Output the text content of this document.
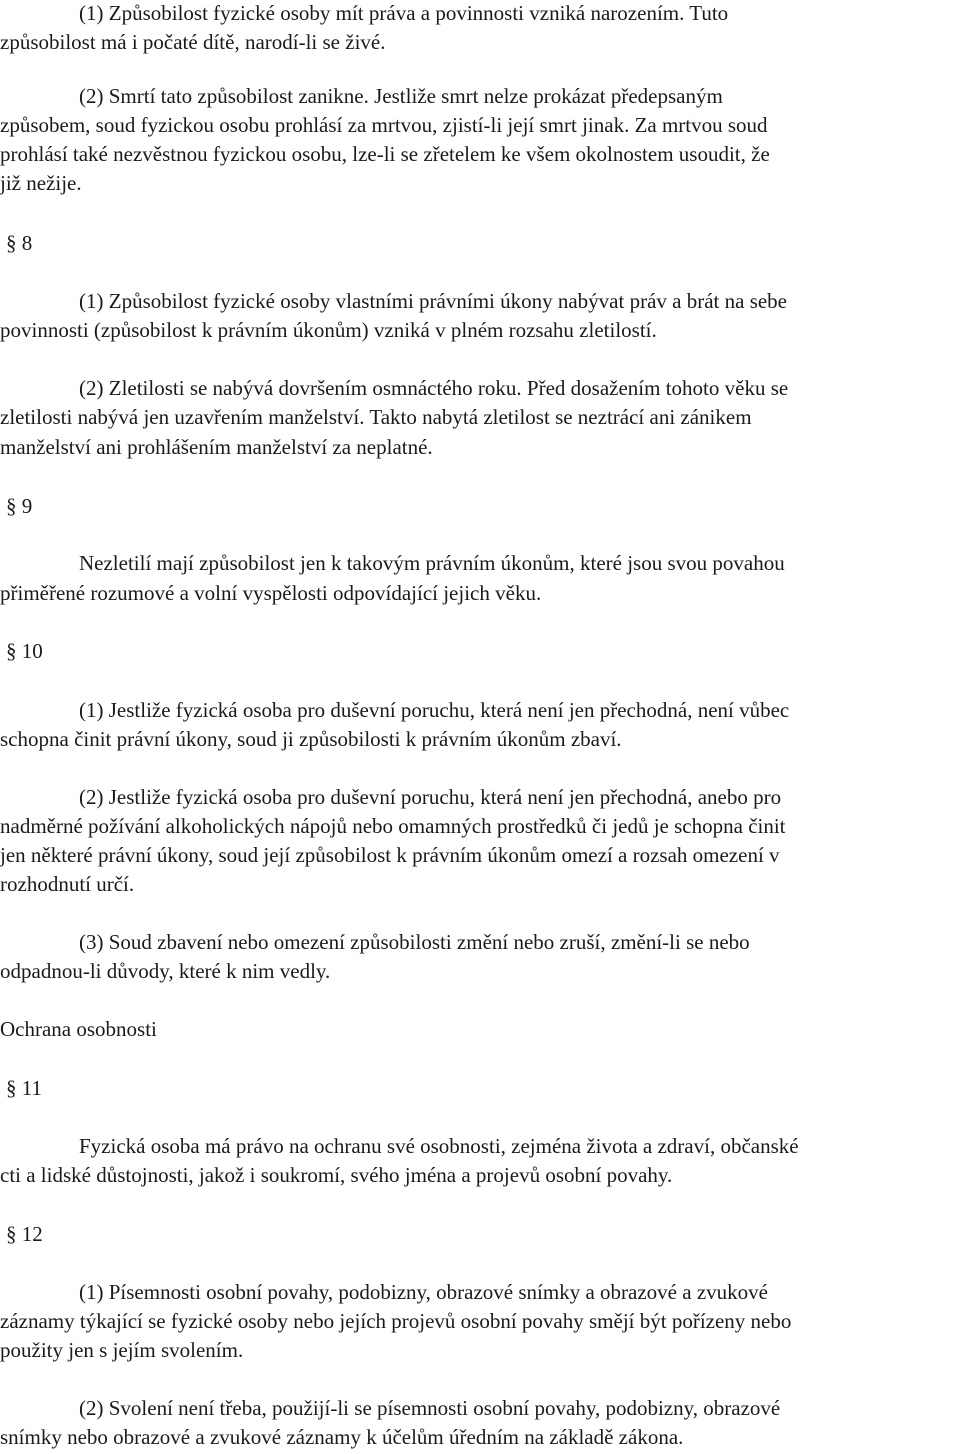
(1) Způsobilost fyzické osoby mít práva a povinnosti vzniká narozením. Tuto

způsobilost má i počaté dítě, narodí-li se živé.

(2) Smrtí tato způsobilost zanikne. Jestliže smrt nelze prokázat předepsaným

způsobem, soud fyzickou osobu prohlásí za mrtvou, zjistí-li její smrt jinak. Za mrtvou soud

prohlásí také nezvěstnou fyzickou osobu, lze-li se zřetelem ke všem okolnostem usoudit, že

již nežije.

§ 8

(1) Způsobilost fyzické osoby vlastními právními úkony nabývat práv a brát na sebe

povinnosti (způsobilost k právním úkonům) vzniká v plném rozsahu zletilostí.

(2) Zletilosti se nabývá dovršením osmnáctého roku. Před dosažením tohoto věku se

zletilosti nabývá jen uzavřením manželství. Takto nabytá zletilost se neztrácí ani zánikem

manželství ani prohlášením manželství za neplatné.

§ 9

Nezletilí mají způsobilost jen k takovým právním úkonům, které jsou svou povahou

přiměřené rozumové a volní vyspělosti odpovídající jejich věku.

§ 10

(1) Jestliže fyzická osoba pro duševní poruchu, která není jen přechodná, není vůbec

schopna činit právní úkony, soud ji způsobilosti k právním úkonům zbaví.

(2) Jestliže fyzická osoba pro duševní poruchu, která není jen přechodná, anebo pro

nadměrné požívání alkoholických nápojů nebo omamných prostředků či jedů je schopna činit

jen některé právní úkony, soud její způsobilost k právním úkonům omezí a rozsah omezení v

rozhodnutí určí.

(3) Soud zbavení nebo omezení způsobilosti změní nebo zruší, změní-li se nebo

odpadnou-li důvody, které k nim vedly.

Ochrana osobnosti

§ 11

Fyzická osoba má právo na ochranu své osobnosti, zejména života a zdraví, občanské

cti a lidské důstojnosti, jakož i soukromí, svého jména a projevů osobní povahy.

§ 12

(1) Písemnosti osobní povahy, podobizny, obrazové snímky a obrazové a zvukové

záznamy týkající se fyzické osoby nebo jejích projevů osobní povahy smějí být pořízeny nebo

použity jen s jejím svolením.

(2) Svolení není třeba, použijí-li se písemnosti osobní povahy, podobizny, obrazové

snímky nebo obrazové a zvukové záznamy k účelům úředním na základě zákona.
